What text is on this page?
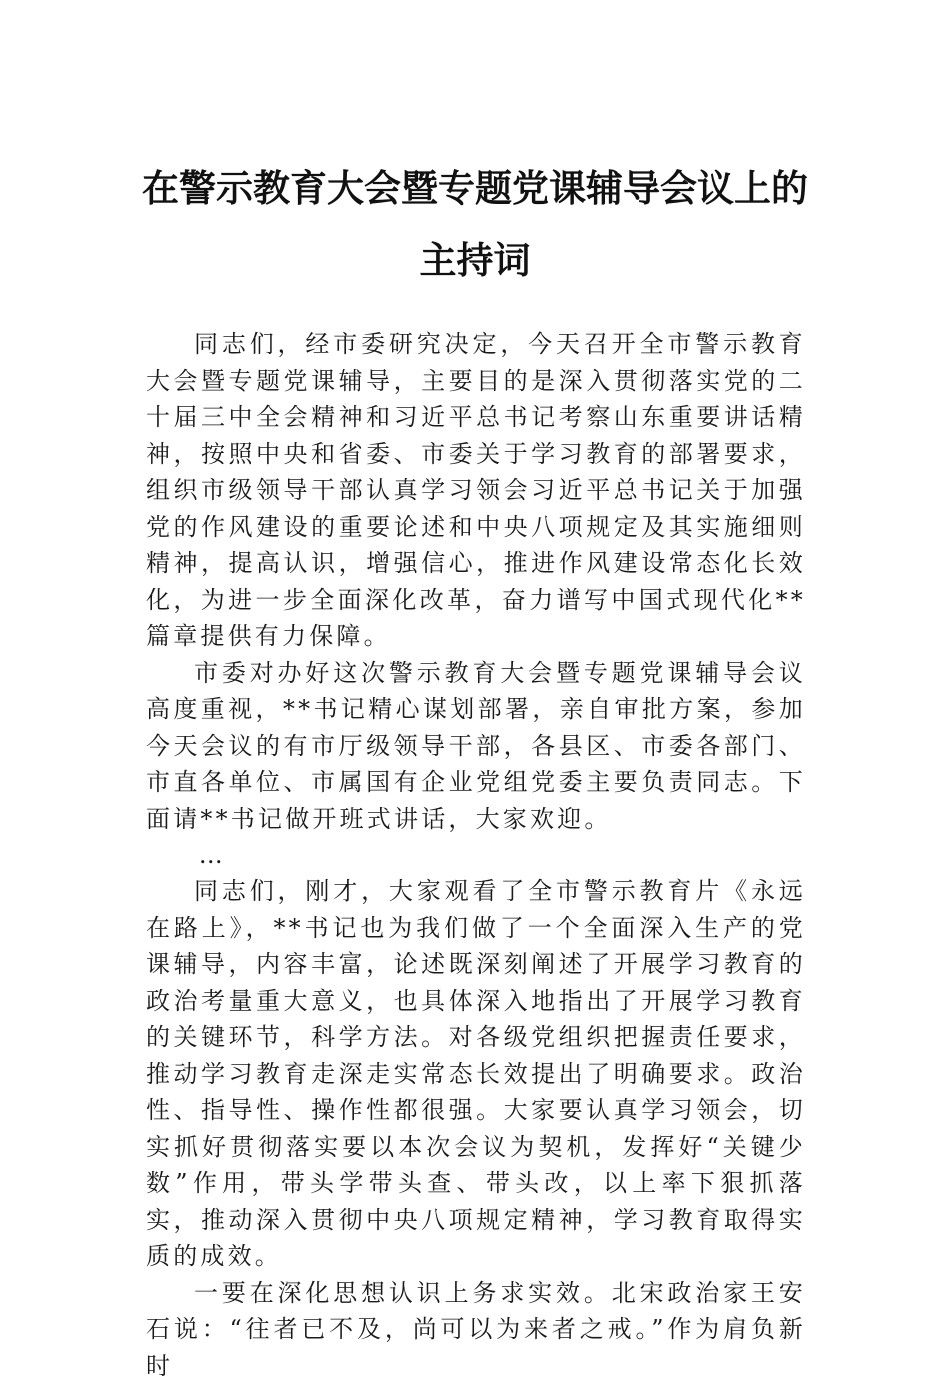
在警示教育大会暨专题党课辅导会议上的
主持词

同志们，经市委研究决定，今天召开全市警示教育大会暨专题党课辅导，主要目的是深入贯彻落实党的二十届三中全会精神和习近平总书记考察山东重要讲话精神，按照中央和省委、市委关于学习教育的部署要求，组织市级领导干部认真学习领会习近平总书记关于加强党的作风建设的重要论述和中央八项规定及其实施细则精神，提高认识，增强信心，推进作风建设常态化长效化，为进一步全面深化改革，奋力谱写中国式现代化**篇章提供有力保障。

市委对办好这次警示教育大会暨专题党课辅导会议高度重视，**书记精心谋划部署，亲自审批方案，参加今天会议的有市厅级领导干部，各县区、市委各部门、市直各单位、市属国有企业党组党委主要负责同志。下面请**书记做开班式讲话，大家欢迎。

…

同志们，刚才，大家观看了全市警示教育片《永远在路上》，**书记也为我们做了一个全面深入生产的党课辅导，内容丰富，论述既深刻阐述了开展学习教育的政治考量重大意义，也具体深入地指出了开展学习教育的关键环节，科学方法。对各级党组织把握责任要求，推动学习教育走深走实常态长效提出了明确要求。政治性、指导性、操作性都很强。大家要认真学习领会，切实抓好贯彻落实要以本次会议为契机，发挥好“关键少数”作用，带头学带头查、带头改，以上率下狠抓落实，推动深入贯彻中央八项规定精神，学习教育取得实质的成效。

一要在深化思想认识上务求实效。北宋政治家王安石说：“往者已不及，尚可以为来者之戒。”作为肩负新时
